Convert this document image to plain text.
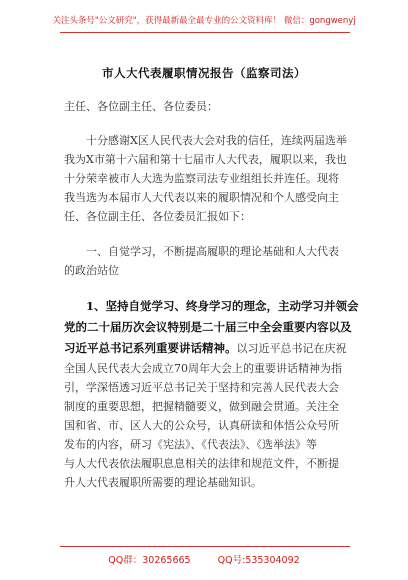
关注头条号"公文研究"，获得最新最全最专业的公文资料库！ 微信：gongwenyj
市人大代表履职情况报告（监察司法）
主任、各位副主任、各位委员：
十分感谢X区人民代表大会对我的信任，连续两届选举
我为X市第十六届和第十七届市人大代表，履职以来，我也
十分荣幸被市人大选为监察司法专业组组长并连任。现将
我当选为本届市人大代表以来的履职情况和个人感受向主
任、各位副主任、各位委员汇报如下：
一、自觉学习，不断提高履职的理论基础和人大代表
的政治站位
1、坚持自觉学习、终身学习的理念，主动学习并领会
党的二十届历次会议特别是二十届三中全会重要内容以及
习近平总书记系列重要讲话精神。以习近平总书记在庆祝
全国人民代表大会成立70周年大会上的重要讲话精神为指
引，学深悟透习近平总书记关于坚持和完善人民代表大会
制度的重要思想，把握精髓要义，做到融会贯通。关注全
国和省、市、区人大的公众号，认真研读和体悟公众号所
发布的内容，研习《宪法》、《代表法》、《选举法》等
与人大代表依法履职息息相关的法律和规范文件，不断提
升人大代表履职所需要的理论基础知识。
QQ群：30265665	QQ号:535304092
